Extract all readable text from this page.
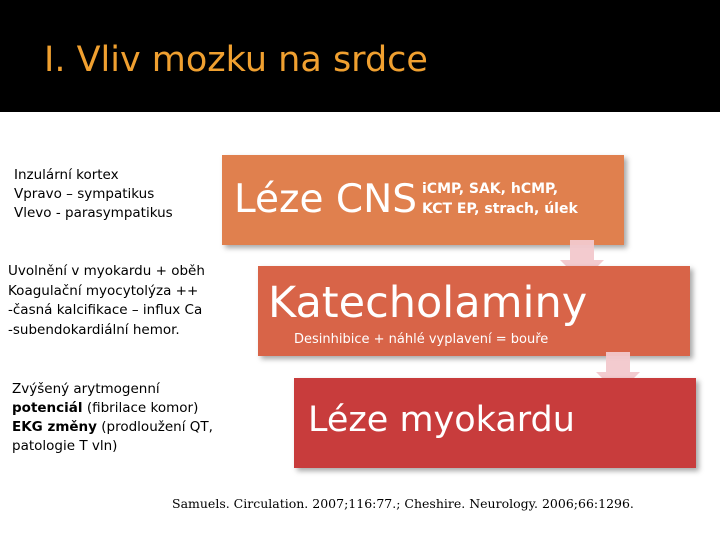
I. Vliv mozku na srdce
Inzulární kortex
Vpravo – sympatikus
Vlevo - parasympatikus
Uvolnění v myokardu + oběh
Koagulační myocytolýza ++
-časná kalcifikace – influx Ca
-subendokardiální hemor.
Zvýšený arytmogenní
potenciál (fibrilace komor)
EKG změny (prodloužení QT,
patologie T vln)
Léze CNS iCMP, SAK, hCMP,
KCT EP, strach, úlek
Katecholaminy
Desinhibice + náhlé vyplavení = bouře
Léze myokardu
Samuels. Circulation. 2007;116:77.; Cheshire. Neurology. 2006;66:1296.
